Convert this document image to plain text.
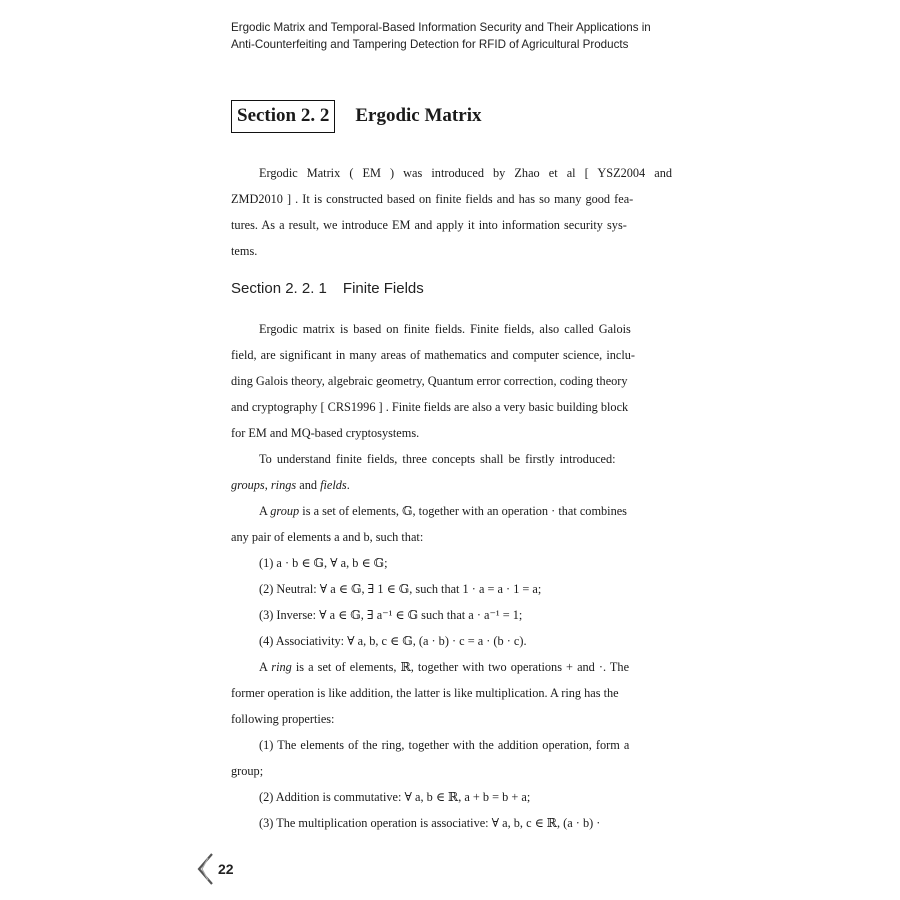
Ergodic Matrix and Temporal-Based Information Security and Their Applications in
Anti-Counterfeiting and Tampering Detection for RFID of Agricultural Products
Section 2. 2	Ergodic Matrix
Ergodic Matrix ( EM ) was introduced by Zhao et al [ YSZ2004 and
ZMD2010 ] . It is constructed based on finite fields and has so many good fea-
tures. As a result, we introduce EM and apply it into information security sys-
tems.
Section 2. 2. 1 Finite Fields
Ergodic matrix is based on finite fields. Finite fields, also called Galois
field, are significant in many areas of mathematics and computer science, inclu-
ding Galois theory, algebraic geometry, Quantum error correction, coding theory
and cryptography [ CRS1996 ] . Finite fields are also a very basic building block
for EM and MQ-based cryptosystems.
To understand finite fields, three concepts shall be firstly introduced:
groups, rings and fields.
A group is a set of elements, 𝔾, together with an operation · that combines
any pair of elements a and b, such that:
(1) a · b ∈ 𝔾, ∀ a, b ∈ 𝔾;
(2) Neutral: ∀ a ∈ 𝔾, ∃ 1 ∈ 𝔾, such that 1 · a = a · 1 = a;
(3) Inverse: ∀ a ∈ 𝔾, ∃ a⁻¹ ∈ 𝔾 such that a · a⁻¹ = 1;
(4) Associativity: ∀ a, b, c ∈ 𝔾, (a · b) · c = a · (b · c).
A ring is a set of elements, ℝ, together with two operations + and ·. The
former operation is like addition, the latter is like multiplication. A ring has the
following properties:
(1) The elements of the ring, together with the addition operation, form a
group;
(2) Addition is commutative: ∀ a, b ∈ ℝ, a + b = b + a;
(3) The multiplication operation is associative: ∀ a, b, c ∈ ℝ, (a · b) ·
22
